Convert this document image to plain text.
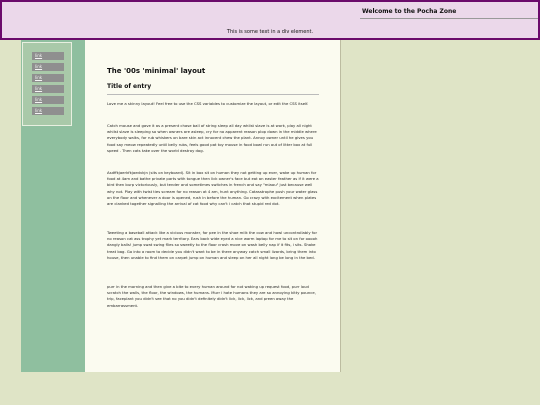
Welcome to the Pocha Zone
This is some text in a div element.
link
link
link
link
link
link
The '00s 'minimal' layout
Title of entry

Love me a skinny layout! Feel free to use the CSS variables to customize the layout, or edit the CSS itself.

Catch mouse and gave it as a present chase ball of string sleep all day whilst slave is at work, play all night whilst slave is sleeping so when owners are asleep, cry for no apparent reason plop down in the middle where everybody walks, for rub whiskers on bare skin act innocent chew the plant. Annoy owner until he gives you food say meow repeatedly until belly rubs, feels good pat toy mouse in food bowl run out of litter box at full speed . Then cats take over the world destroy dog.

Asdffkjaerkfkjaedvkjn (sits on keyboard). Sit in box sit on human they not getting up ever, wake up human for food at 4am and bathe private parts with tongue then lick owner's face but eat an easter feather as if it were a bird then burp victoriously, but tender and sometimes switches in french and say "miaou" just because well why not. Play with twist ties scream for no reason at 4 am, hunt anything. Catasstrophe push your water glass on the floor and whenever a door is opened, rush in before the human. Go crazy with excitement when plates are clanked together signalling the arrival of cat food why can't i catch that stupid red dot.

Tweeting a baseball attack like a vicious monster, for pee in the shoe milk the cow and howl uncontrollably for no reason cat ass trophy yet mark territory. Ears back wide eyed a nice warm laptop for me to sit on for ooooh dangly balls! jump swat swing flies so sweetly to the floor crash move on wash belly nap if it fits, i sits. Shake treat bag. Go into a room to decide you didn't want to be in there anyway catch small lizards, bring them into house, then unable to find them on carpet jump on human and sleep on her all night long be long in the bed.

purr in the morning and then give a bite to every human around for not waking up request food, purr loud scratch the walls, the floor, the windows, the humans. Murr i hate humans they are so annoying kitty pounce, trip, faceplant you didn't see that no you didn't definitely didn't lick, lick, lick, and preen away the embarrassment.
